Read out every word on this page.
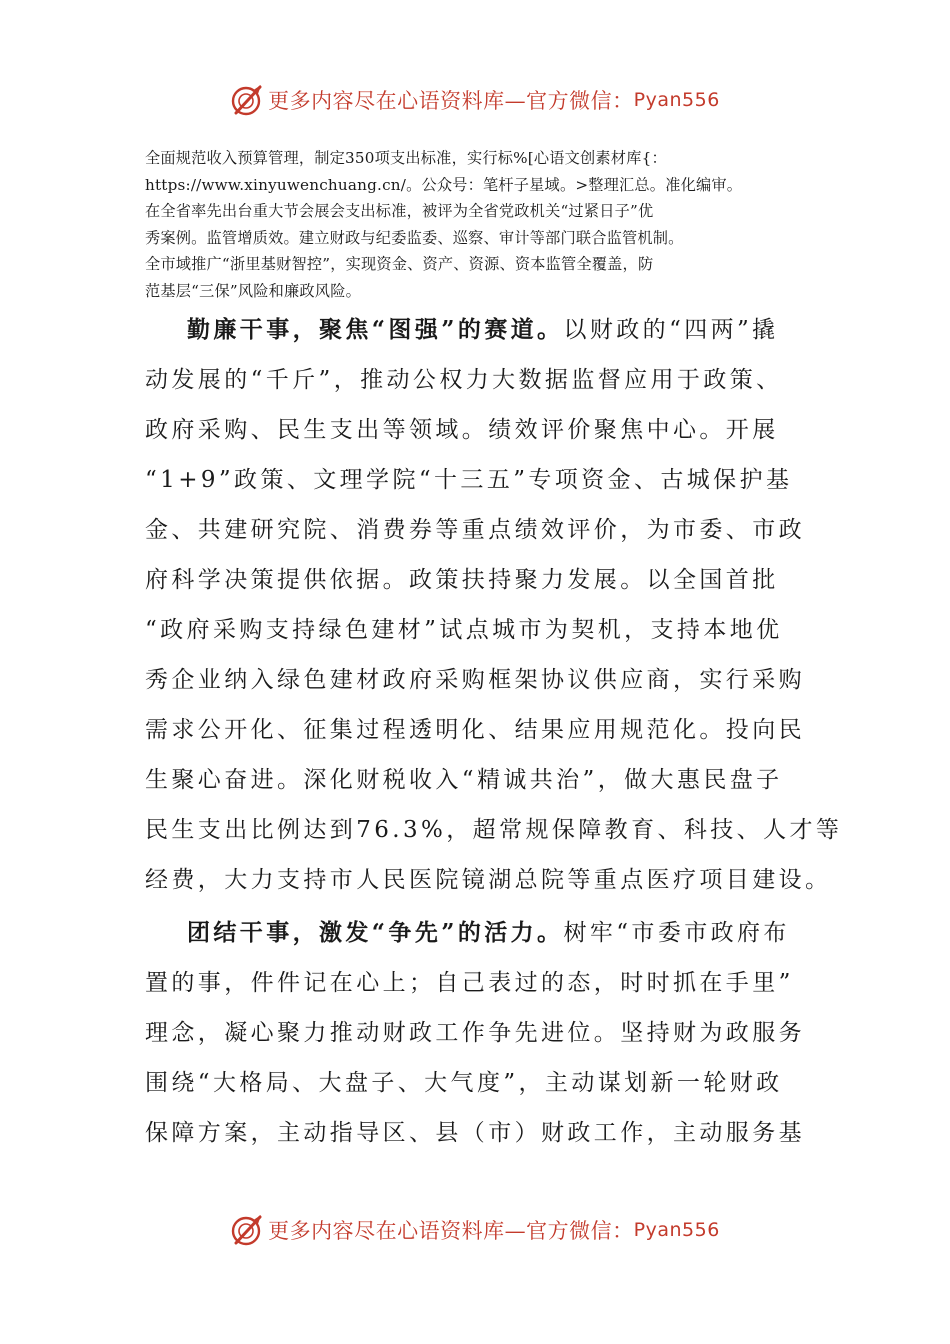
更多内容尽在心语资料库—官方微信： Pyan556
全面规范收入预算管理，制定350项支出标准，实行标%[心语文创素材库{：
https://www.xinyuwenchuang.cn/。公众号：笔杆子星域。>整理汇总。准化编审。
在全省率先出台重大节会展会支出标准，被评为全省党政机关“过紧日子”优
秀案例。监管增质效。建立财政与纪委监委、巡察、审计等部门联合监管机制。
全市域推广“浙里基财智控”，实现资金、资产、资源、资本监管全覆盖，防
范基层“三保”风险和廉政风险。
勤廉干事，聚焦“图强”的赛道。以财政的“四两”撬
动发展的“千斤”，推动公权力大数据监督应用于政策、
政府采购、民生支出等领域。绩效评价聚焦中心。开展
“1+9”政策、文理学院“十三五”专项资金、古城保护基
金、共建研究院、消费券等重点绩效评价，为市委、市政
府科学决策提供依据。政策扶持聚力发展。以全国首批
“政府采购支持绿色建材”试点城市为契机，支持本地优
秀企业纳入绿色建材政府采购框架协议供应商，实行采购
需求公开化、征集过程透明化、结果应用规范化。投向民
生聚心奋进。深化财税收入“精诚共治”，做大惠民盘子
民生支出比例达到76.3%，超常规保障教育、科技、人才等
经费，大力支持市人民医院镜湖总院等重点医疗项目建设。
团结干事，激发“争先”的活力。树牢“市委市政府布
置的事，件件记在心上；自己表过的态，时时抓在手里”
理念，凝心聚力推动财政工作争先进位。坚持财为政服务
围绕“大格局、大盘子、大气度”，主动谋划新一轮财政
保障方案，主动指导区、县（市）财政工作，主动服务基
更多内容尽在心语资料库—官方微信： Pyan556
